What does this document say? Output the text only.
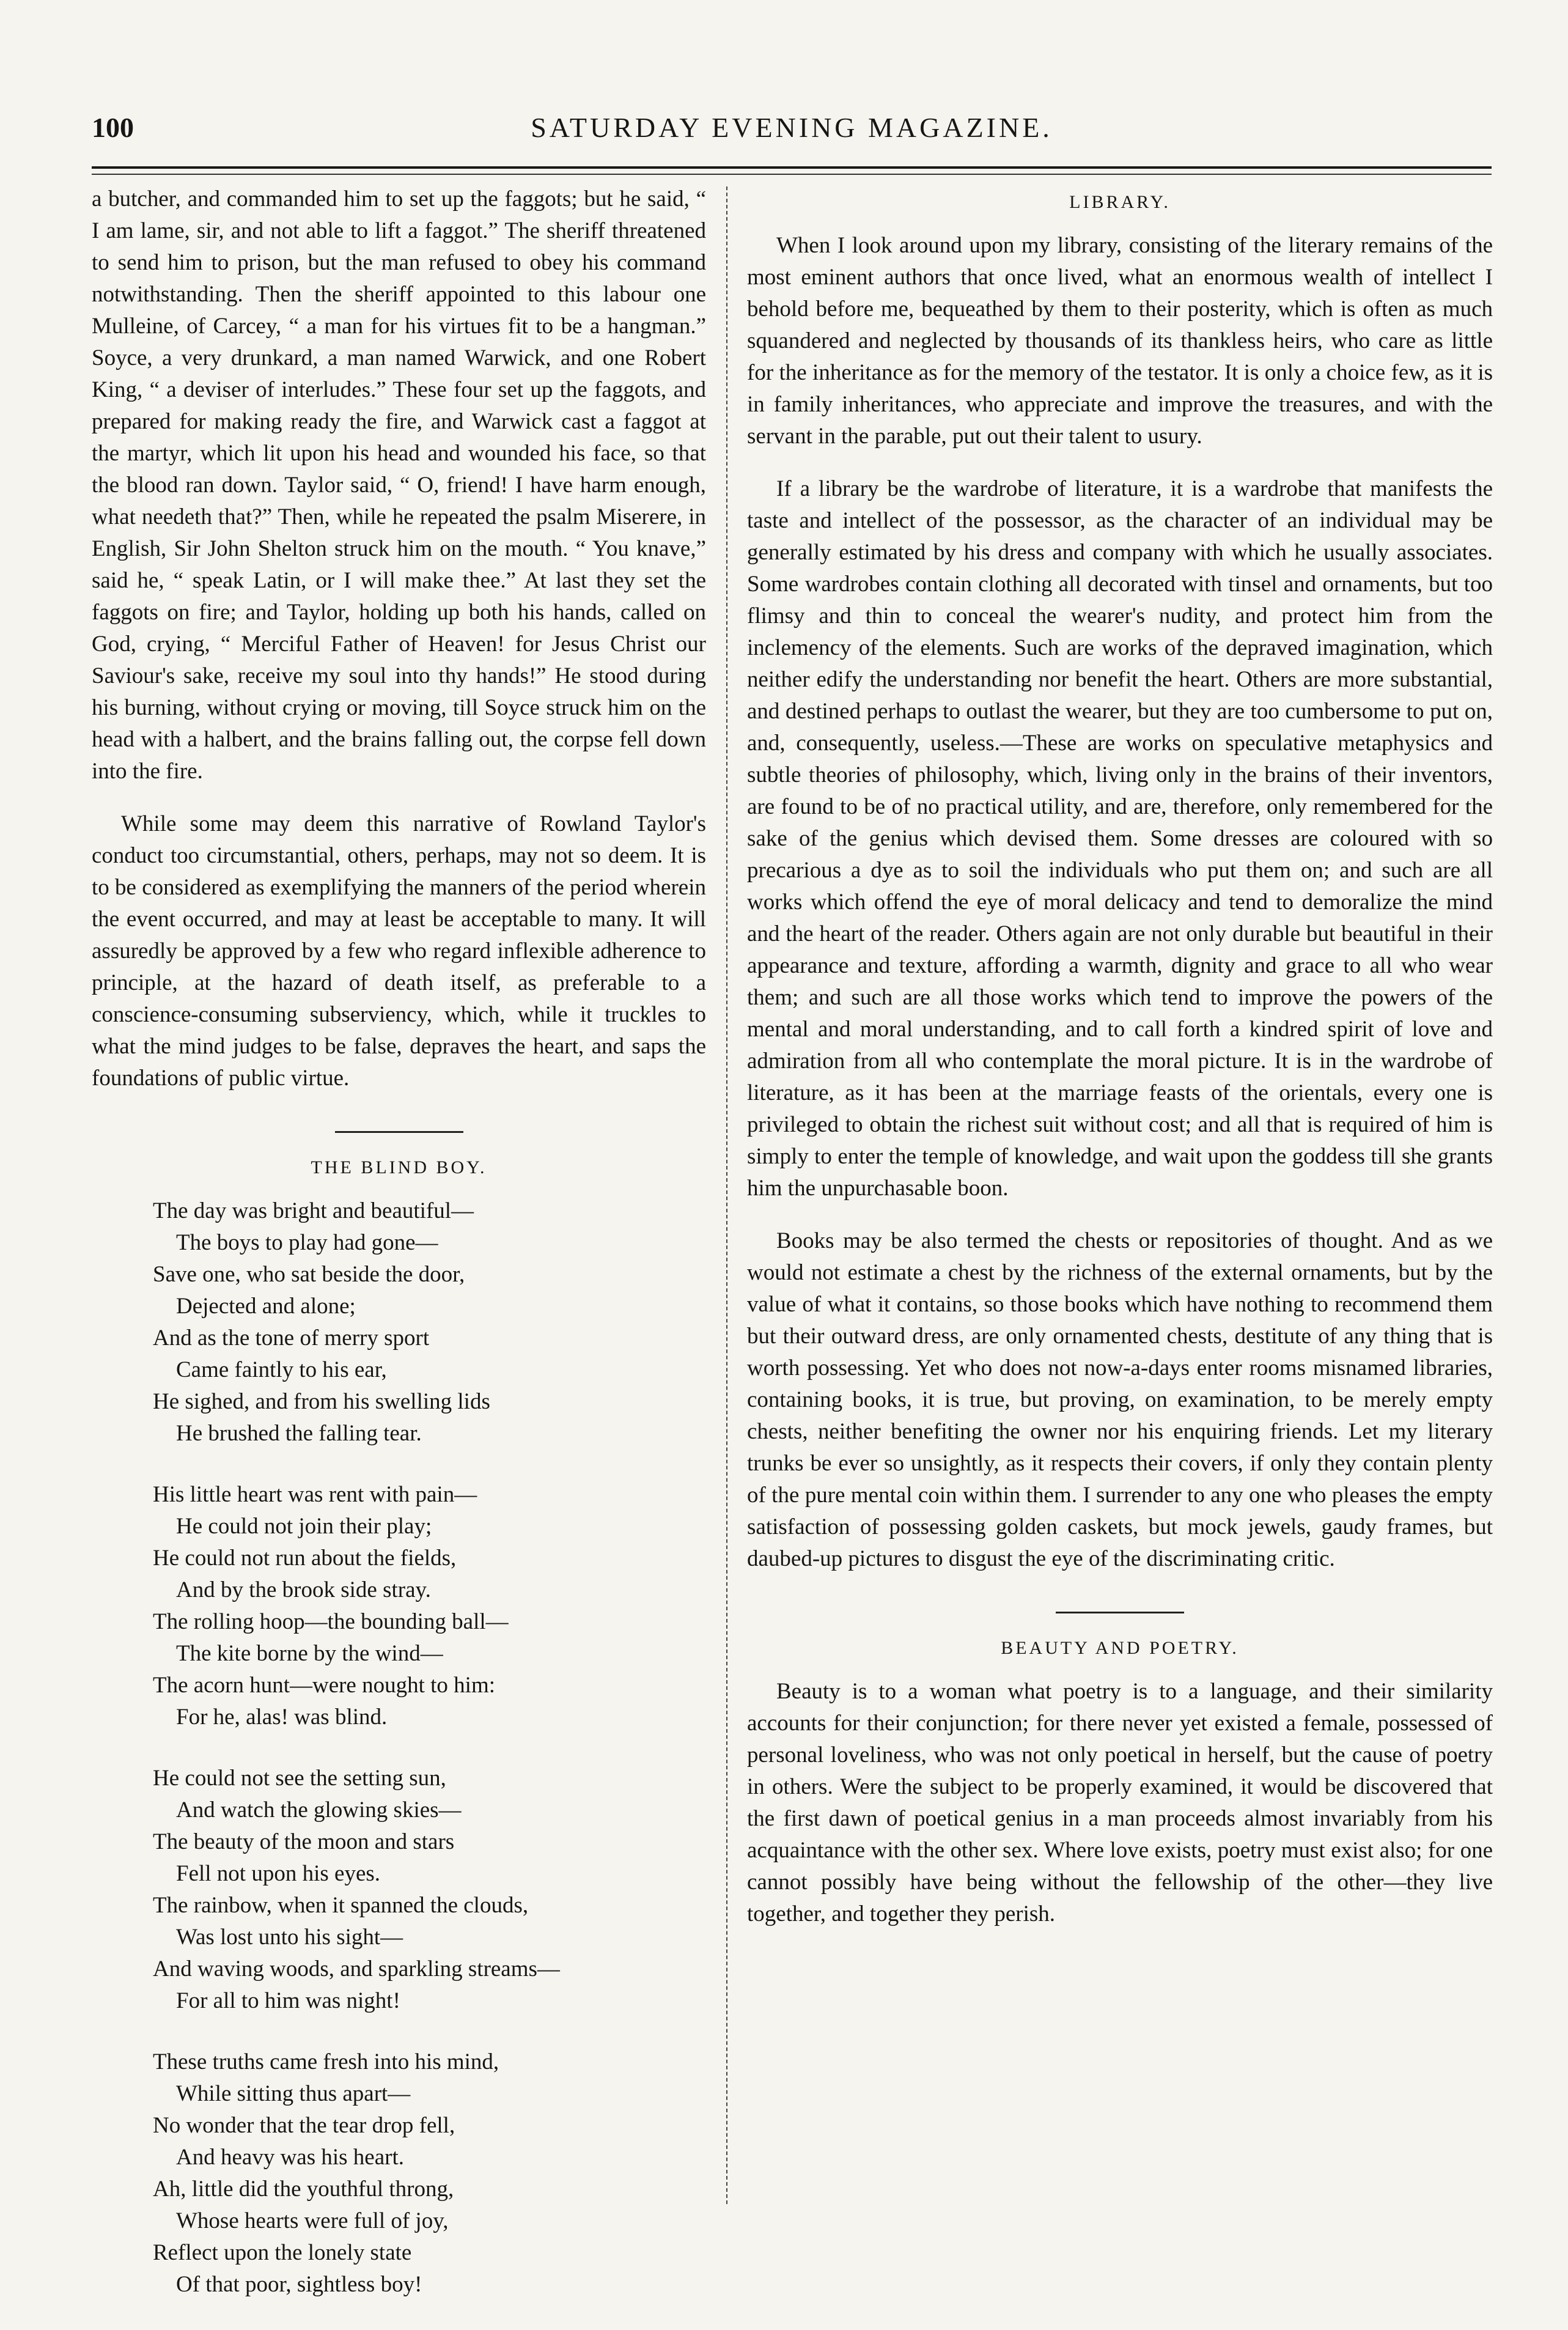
100	SATURDAY EVENING MAGAZINE.

a butcher, and commanded him to set up the faggots; but he said, “ I am lame, sir, and not able to lift a faggot.” The sheriff threatened to send him to prison, but the man refused to obey his command notwithstanding. Then the sheriff appointed to this labour one Mulleine, of Carcey, “ a man for his virtues fit to be a hangman.” Soyce, a very drunkard, a man named Warwick, and one Robert King, “ a deviser of interludes.” These four set up the faggots, and prepared for making ready the fire, and Warwick cast a faggot at the martyr, which lit upon his head and wounded his face, so that the blood ran down. Taylor said, “ O, friend! I have harm enough, what needeth that?” Then, while he repeated the psalm Miserere, in English, Sir John Shelton struck him on the mouth. “ You knave,” said he, “ speak Latin, or I will make thee.” At last they set the faggots on fire; and Taylor, holding up both his hands, called on God, crying, “ Merciful Father of Heaven! for Jesus Christ our Saviour's sake, receive my soul into thy hands!” He stood during his burning, without crying or moving, till Soyce struck him on the head with a halbert, and the brains falling out, the corpse fell down into the fire.

While some may deem this narrative of Rowland Taylor's conduct too circumstantial, others, perhaps, may not so deem. It is to be considered as exemplifying the manners of the period wherein the event occurred, and may at least be acceptable to many. It will assuredly be approved by a few who regard inflexible adherence to principle, at the hazard of death itself, as preferable to a conscience-consuming subserviency, which, while it truckles to what the mind judges to be false, depraves the heart, and saps the foundations of public virtue.

THE BLIND BOY.
The day was bright and beautiful—
The boys to play had gone—
Save one, who sat beside the door,
Dejected and alone;
And as the tone of merry sport
Came faintly to his ear,
He sighed, and from his swelling lids
He brushed the falling tear.
His little heart was rent with pain—
He could not join their play;
He could not run about the fields,
And by the brook side stray.
The rolling hoop—the bounding ball—
The kite borne by the wind—
The acorn hunt—were nought to him:
For he, alas! was blind.
He could not see the setting sun,
And watch the glowing skies—
The beauty of the moon and stars
Fell not upon his eyes.
The rainbow, when it spanned the clouds,
Was lost unto his sight—
And waving woods, and sparkling streams—
For all to him was night!
These truths came fresh into his mind,
While sitting thus apart—
No wonder that the tear drop fell,
And heavy was his heart.
Ah, little did the youthful throng,
Whose hearts were full of joy,
Reflect upon the lonely state
Of that poor, sightless boy!
LIBRARY.

When I look around upon my library, consisting of the literary remains of the most eminent authors that once lived, what an enormous wealth of intellect I behold before me, bequeathed by them to their posterity, which is often as much squandered and neglected by thousands of its thankless heirs, who care as little for the inheritance as for the memory of the testator. It is only a choice few, as it is in family inheritances, who appreciate and improve the treasures, and with the servant in the parable, put out their talent to usury.

If a library be the wardrobe of literature, it is a wardrobe that manifests the taste and intellect of the possessor, as the character of an individual may be generally estimated by his dress and company with which he usually associates. Some wardrobes contain clothing all decorated with tinsel and ornaments, but too flimsy and thin to conceal the wearer's nudity, and protect him from the inclemency of the elements. Such are works of the depraved imagination, which neither edify the understanding nor benefit the heart. Others are more substantial, and destined perhaps to outlast the wearer, but they are too cumbersome to put on, and, consequently, useless.—These are works on speculative metaphysics and subtle theories of philosophy, which, living only in the brains of their inventors, are found to be of no practical utility, and are, therefore, only remembered for the sake of the genius which devised them. Some dresses are coloured with so precarious a dye as to soil the individuals who put them on; and such are all works which offend the eye of moral delicacy and tend to demoralize the mind and the heart of the reader. Others again are not only durable but beautiful in their appearance and texture, affording a warmth, dignity and grace to all who wear them; and such are all those works which tend to improve the powers of the mental and moral understanding, and to call forth a kindred spirit of love and admiration from all who contemplate the moral picture. It is in the wardrobe of literature, as it has been at the marriage feasts of the orientals, every one is privileged to obtain the richest suit without cost; and all that is required of him is simply to enter the temple of knowledge, and wait upon the goddess till she grants him the unpurchasable boon.

Books may be also termed the chests or repositories of thought. And as we would not estimate a chest by the richness of the external ornaments, but by the value of what it contains, so those books which have nothing to recommend them but their outward dress, are only ornamented chests, destitute of any thing that is worth possessing. Yet who does not now-a-days enter rooms misnamed libraries, containing books, it is true, but proving, on examination, to be merely empty chests, neither benefiting the owner nor his enquiring friends. Let my literary trunks be ever so unsightly, as it respects their covers, if only they contain plenty of the pure mental coin within them. I surrender to any one who pleases the empty satisfaction of possessing golden caskets, but mock jewels, gaudy frames, but daubed-up pictures to disgust the eye of the discriminating critic.

BEAUTY AND POETRY.

Beauty is to a woman what poetry is to a language, and their similarity accounts for their conjunction; for there never yet existed a female, possessed of personal loveliness, who was not only poetical in herself, but the cause of poetry in others. Were the subject to be properly examined, it would be discovered that the first dawn of poetical genius in a man proceeds almost invariably from his acquaintance with the other sex. Where love exists, poetry must exist also; for one cannot possibly have being without the fellowship of the other—they live together, and together they perish.
